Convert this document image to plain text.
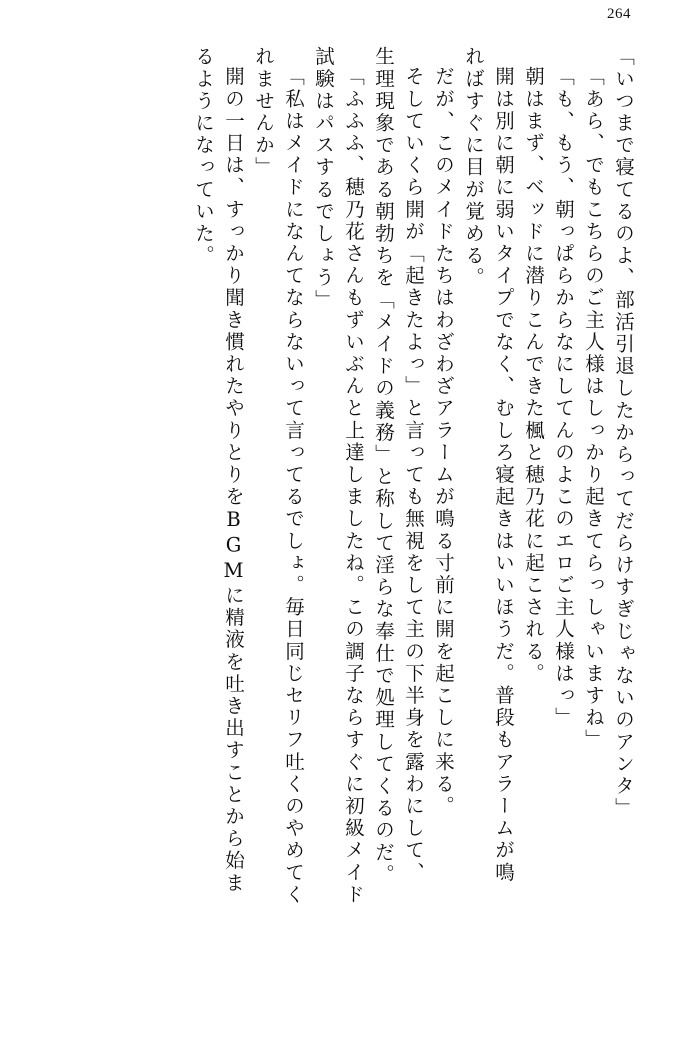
264
「いつまで寝てるのよ、部活引退したからってだらけすぎじゃないのアンタ」
「あら、でもこちらのご主人様はしっかり起きてらっしゃいますね」
「も、もう、朝っぱらからなにしてんのよこのエロご主人様はっ」
朝はまず、ベッドに潜りこんできた楓と穂乃花に起こされる。
開は別に朝に弱いタイプでなく、むしろ寝起きはいいほうだ。普段もアラームが鳴
ればすぐに目が覚める。
だが、このメイドたちはわざわざアラームが鳴る寸前に開を起こしに来る。
そしていくら開が「起きたよっ」と言っても無視をして主の下半身を露わにして、
生理現象である朝勃ちを「メイドの義務」と称して淫らな奉仕で処理してくるのだ。
「ふふふ、穂乃花さんもずいぶんと上達しましたね。この調子ならすぐに初級メイド
試験はパスするでしょう」
「私はメイドになんてならないって言ってるでしょ。毎日同じセリフ吐くのやめてく
れませんか」
開の一日は、すっかり聞き慣れたやりとりをBGMに精液を吐き出すことから始ま
るようになっていた。
